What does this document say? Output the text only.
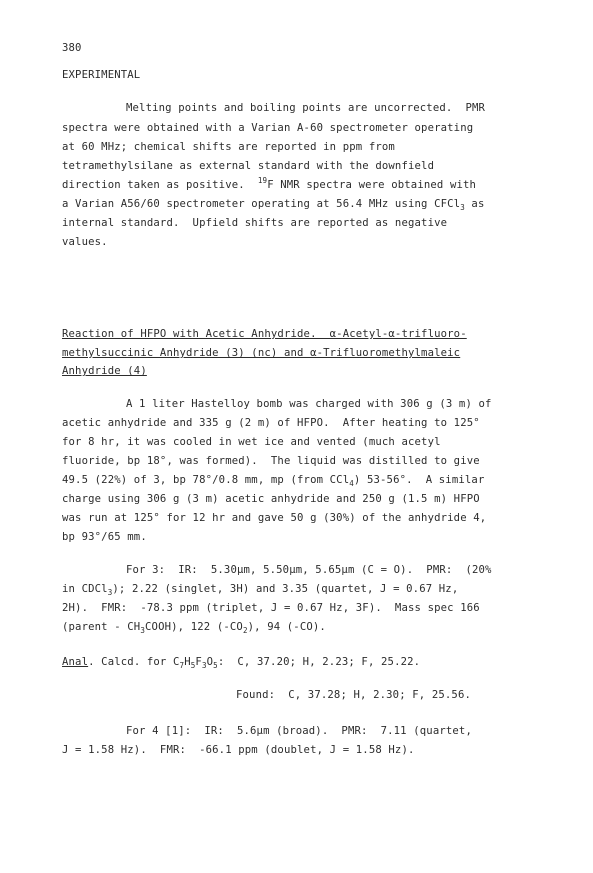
380
EXPERIMENTAL
Melting points and boiling points are uncorrected.  PMR
spectra were obtained with a Varian A-60 spectrometer operating
at 60 MHz; chemical shifts are reported in ppm from
tetramethylsilane as external standard with the downfield
direction taken as positive.  $^{19}$F NMR spectra were obtained with
a Varian A56/60 spectrometer operating at 56.4 MHz using CFCl$_3$ as
internal standard.  Upfield shifts are reported as negative
values.
Reaction of HFPO with Acetic Anhydride.  α-Acetyl-α-trifluoro-
methylsuccinic Anhydride (3) (nc) and α-Trifluoromethylmaleic
Anhydride (4)
A 1 liter Hastelloy bomb was charged with 306 g (3 m) of
acetic anhydride and 335 g (2 m) of HFPO.  After heating to 125°
for 8 hr, it was cooled in wet ice and vented (much acetyl
fluoride, bp 18°, was formed).  The liquid was distilled to give
49.5 (22%) of 3, bp 78°/0.8 mm, mp (from CCl$_4$) 53-56°.  A similar
charge using 306 g (3 m) acetic anhydride and 250 g (1.5 m) HFPO
was run at 125° for 12 hr and gave 50 g (30%) of the anhydride 4,
bp 93°/65 mm.
For 3:  IR:  5.30μm, 5.50μm, 5.65μm (C = O).  PMR:  (20%
in CDCl$_3$); 2.22 (singlet, 3H) and 3.35 (quartet, J = 0.67 Hz,
2H).  FMR:  -78.3 ppm (triplet, J = 0.67 Hz, 3F).  Mass spec 166
(parent - $CH_3COOH$), 122 $(-CO_2)$, 94 (-CO).
Anal. Calcd. for $C_7H_5F_3O_5$:  C, 37.20; H, 2.23; F, 25.22.
Found:  C, 37.28; H, 2.30; F, 25.56.
For 4 [1]:  IR:  5.6μm (broad).  PMR:  7.11 (quartet,
J = 1.58 Hz).  FMR:  -66.1 ppm (doublet, J = 1.58 Hz).
